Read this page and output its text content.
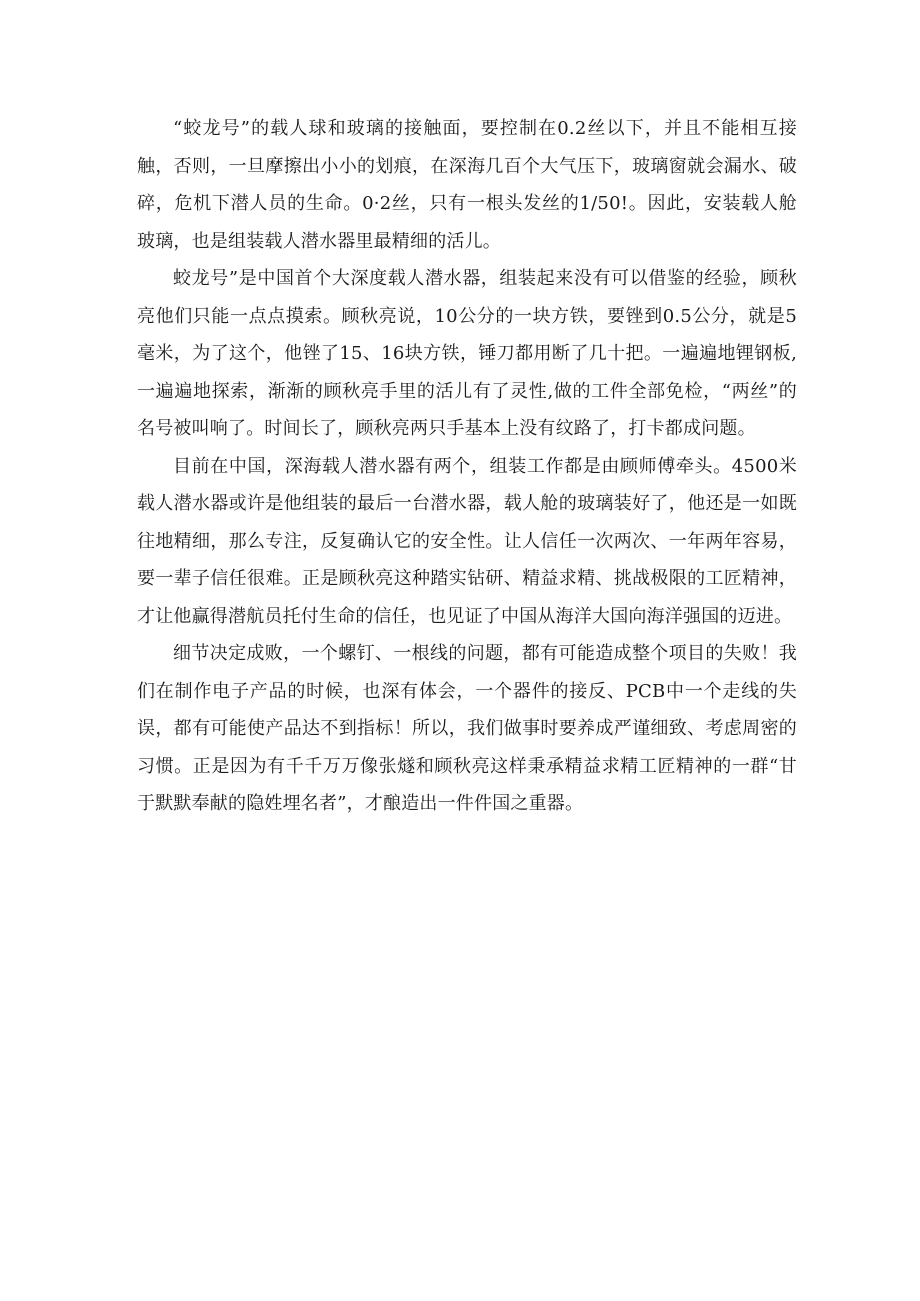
“蛟龙号”的载人球和玻璃的接触面，要控制在0.2丝以下，并且不能相互接触，否则，一旦摩擦出小小的划痕，在深海几百个大气压下，玻璃窗就会漏水、破碎，危机下潜人员的生命。0·2丝，只有一根头发丝的1/50!。因此，安装载人舱玻璃，也是组装载人潜水器里最精细的活儿。

蛟龙号”是中国首个大深度载人潜水器，组装起来没有可以借鉴的经验，顾秋亮他们只能一点点摸索。顾秋亮说，10公分的一块方铁，要锉到0.5公分，就是5毫米，为了这个，他锉了15、16块方铁，锤刀都用断了几十把。一遍遍地锂钢板,一遍遍地探索，渐渐的顾秋亮手里的活儿有了灵性,做的工件全部免检，“两丝”的名号被叫响了。时间长了，顾秋亮两只手基本上没有纹路了，打卡都成问题。

目前在中国，深海载人潜水器有两个，组装工作都是由顾师傅牵头。4500米载人潜水器或许是他组装的最后一台潜水器，载人舱的玻璃装好了，他还是一如既往地精细，那么专注，反复确认它的安全性。让人信任一次两次、一年两年容易，要一辈子信任很难。正是顾秋亮这种踏实钻研、精益求精、挑战极限的工匠精神，才让他赢得潜航员托付生命的信任，也见证了中国从海洋大国向海洋强国的迈进。

细节决定成败，一个螺钉、一根线的问题，都有可能造成整个项目的失败！我们在制作电子产品的时候，也深有体会，一个器件的接反、PCB中一个走线的失误，都有可能使产品达不到指标！所以，我们做事时要养成严谨细致、考虑周密的习惯。正是因为有千千万万像张燧和顾秋亮这样秉承精益求精工匠精神的一群“甘于默默奉献的隐姓埋名者”，才酿造出一件件国之重器。
